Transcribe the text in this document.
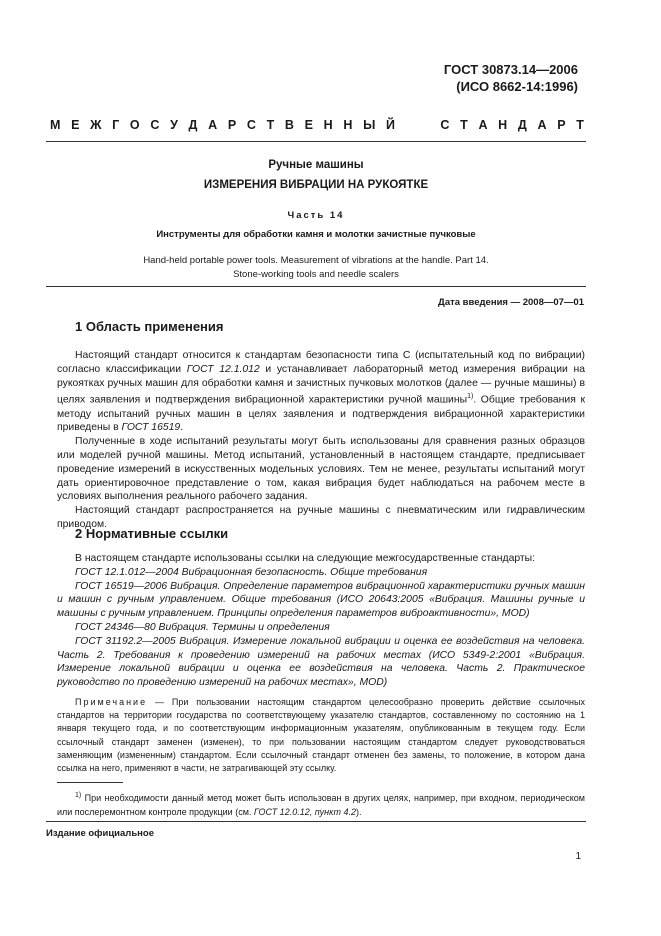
ГОСТ 30873.14—2006
(ИСО 8662-14:1996)
М Е Ж Г О С У Д А Р С Т В Е Н Н Ы Й	С Т А Н Д А Р Т
Ручные машины
ИЗМЕРЕНИЯ ВИБРАЦИИ НА РУКОЯТКЕ
Часть 14
Инструменты для обработки камня и молотки зачистные пучковые
Hand-held portable power tools. Measurement of vibrations at the handle. Part 14.
Stone-working tools and needle scalers
Дата введения — 2008—07—01
1 Область применения

Настоящий стандарт относится к стандартам безопасности типа С (испытательный код по вибрации) согласно классификации ГОСТ 12.1.012 и устанавливает лабораторный метод измерения вибрации на рукоятках ручных машин для обработки камня и зачистных пучковых молотков (далее — ручные машины) в целях заявления и подтверждения вибрационной характеристики ручной машины$^{1)}$. Общие требования к методу испытаний ручных машин в целях заявления и подтверждения вибрационной характеристики приведены в ГОСТ 16519.

Полученные в ходе испытаний результаты могут быть использованы для сравнения разных образцов или моделей ручной машины. Метод испытаний, установленный в настоящем стандарте, предписывает проведение измерений в искусственных модельных условиях. Тем не менее, результаты испытаний могут дать ориентировочное представление о том, какая вибрация будет наблюдаться на рабочем месте в условиях выполнения реального рабочего задания.

Настоящий стандарт распространяется на ручные машины с пневматическим или гидравлическим приводом.

2 Нормативные ссылки

В настоящем стандарте использованы ссылки на следующие межгосударственные стандарты:

ГОСТ 12.1.012—2004 Вибрационная безопасность. Общие требования

ГОСТ 16519—2006 Вибрация. Определение параметров вибрационной характеристики ручных машин и машин с ручным управлением. Общие требования (ИСО 20643:2005 «Вибрация. Машины ручные и машины с ручным управлением. Принципы определения параметров виброактивности», MOD)

ГОСТ 24346—80 Вибрация. Термины и определения

ГОСТ 31192.2—2005 Вибрация. Измерение локальной вибрации и оценка ее воздействия на человека. Часть 2. Требования к проведению измерений на рабочих местах (ИСО 5349-2:2001 «Вибрация. Измерение локальной вибрации и оценка ее воздействия на человека. Часть 2. Практическое руководство по проведению измерений на рабочих местах», MOD)

Примечание — При пользовании настоящим стандартом целесообразно проверить действие ссылочных стандартов на территории государства по соответствующему указателю стандартов, составленному по состоянию на 1 января текущего года, и по соответствующим информационным указателям, опубликованным в текущем году. Если ссылочный стандарт заменен (изменен), то при пользовании настоящим стандартом следует руководствоваться заменяющим (измененным) стандартом. Если ссылочный стандарт отменен без замены, то положение, в котором дана ссылка на него, применяют в части, не затрагивающей эту ссылку.

$^{1)}$ При необходимости данный метод может быть использован в других целях, например, при входном, периодическом или послеремонтном контроле продукции (см. ГОСТ 12.0.12, пункт 4.2).

Издание официальное
1
